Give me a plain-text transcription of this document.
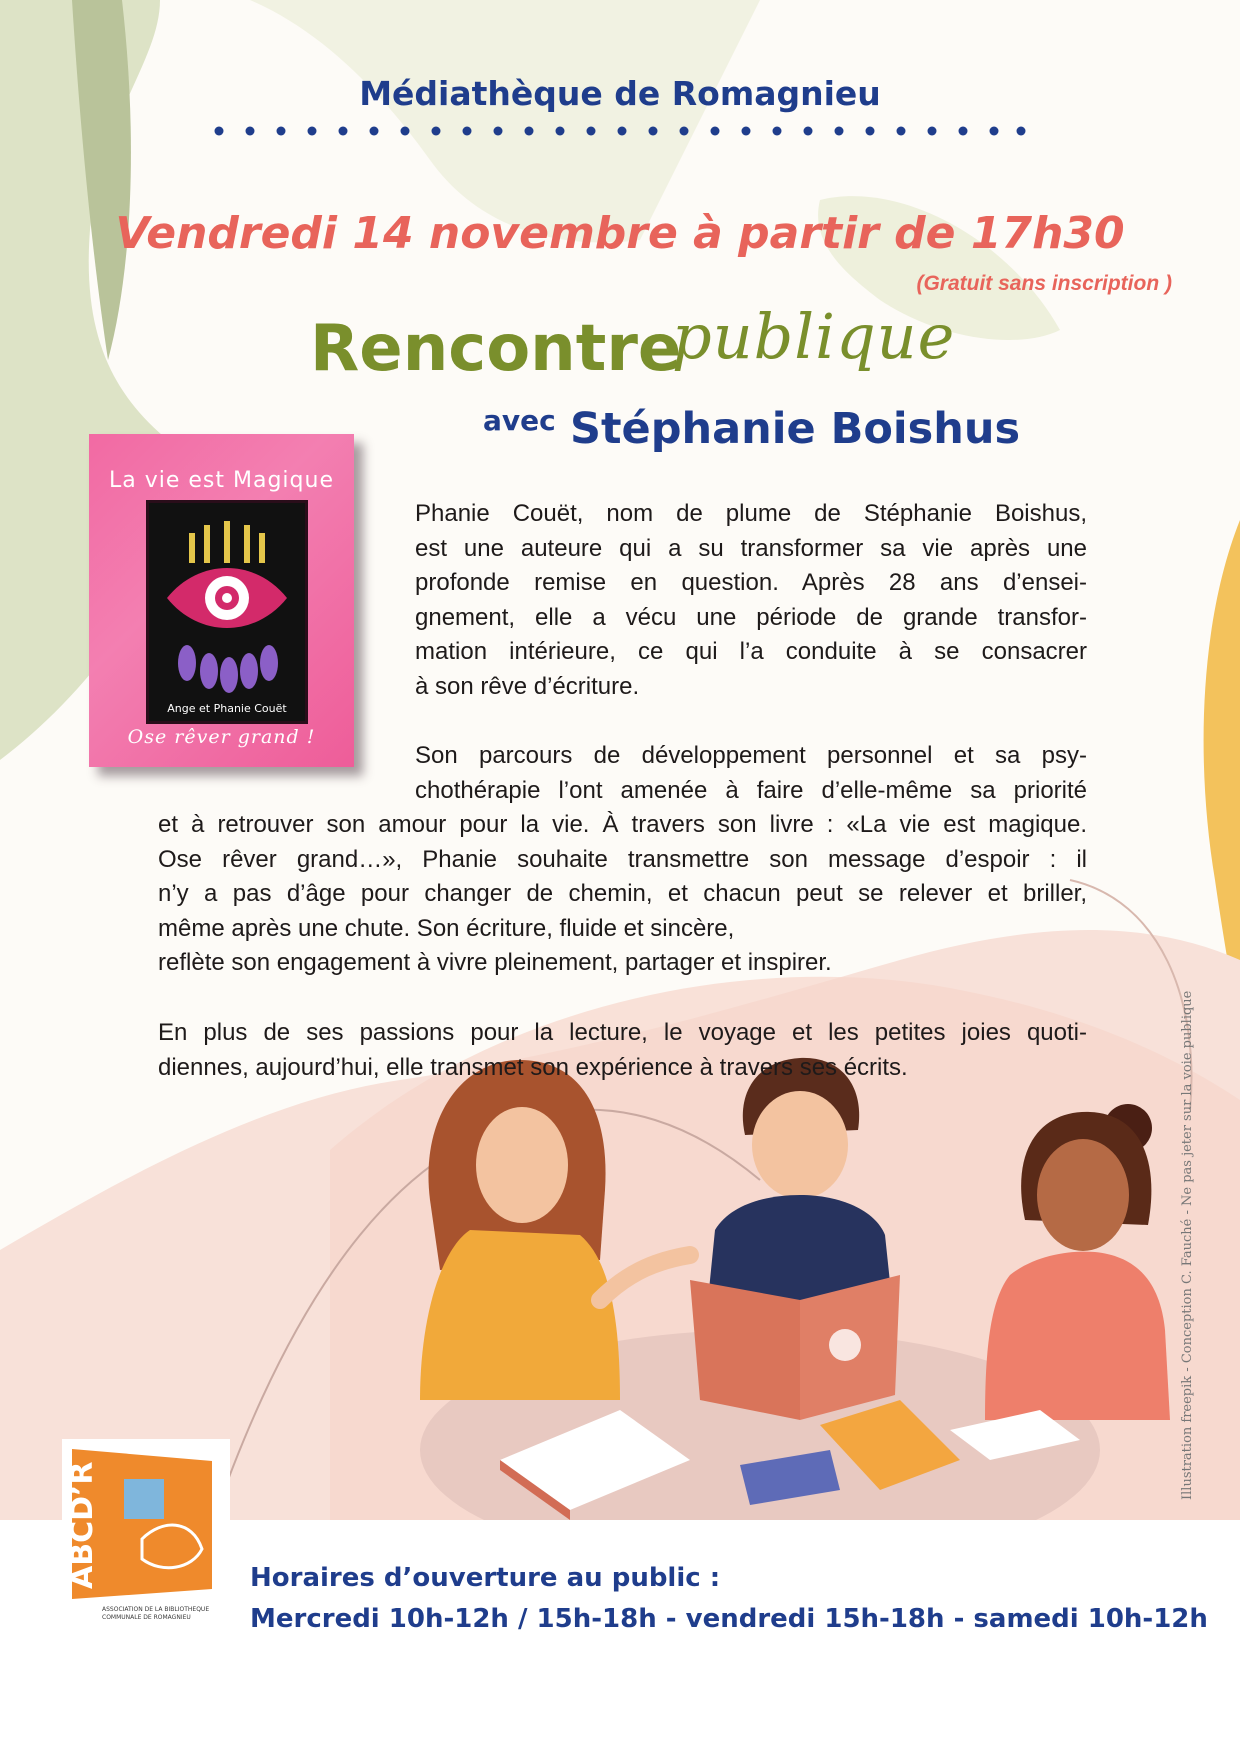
Médiathèque de Romagnieu
Vendredi 14 novembre à partir de 17h30
(Gratuit sans inscription )
Rencontre
publique
avec Stéphanie Boishus
La vie est Magique
Ange et Phanie Couët
Ose rêver grand !
Phanie Couët, nom de plume de Stéphanie Boishus,
est une auteure qui a su transformer sa vie après une
profonde remise en question. Après 28 ans d’ensei-
gnement, elle a vécu une période de grande transfor-
mation intérieure, ce qui l’a conduite à se consacrer
à son rêve d’écriture.
Son parcours de développement personnel et sa psy-
chothérapie l’ont amenée à faire d’elle-même sa priorité
et à retrouver son amour pour la vie. À travers son livre : «La vie est magique.
Ose rêver grand…», Phanie souhaite transmettre son message d’espoir : il
n’y a pas d’âge pour changer de chemin, et chacun peut se relever et briller,
même après une chute. Son écriture, fluide et sincère,
reflète son engagement à vivre pleinement, partager et inspirer.
En plus de ses passions pour la lecture, le voyage et les petites joies quoti-
diennes, aujourd’hui, elle transmet son expérience à travers ses écrits.	Illustration freepik - Conception C. Fauché - Ne pas jeter sur la voie publique
ABCD’R
ASSOCIATION DE LA BIBLIOTHEQUE
COMMUNALE DE ROMAGNIEU
Horaires d’ouverture au public :
Mercredi 10h-12h / 15h-18h - vendredi 15h-18h - samedi 10h-12h
